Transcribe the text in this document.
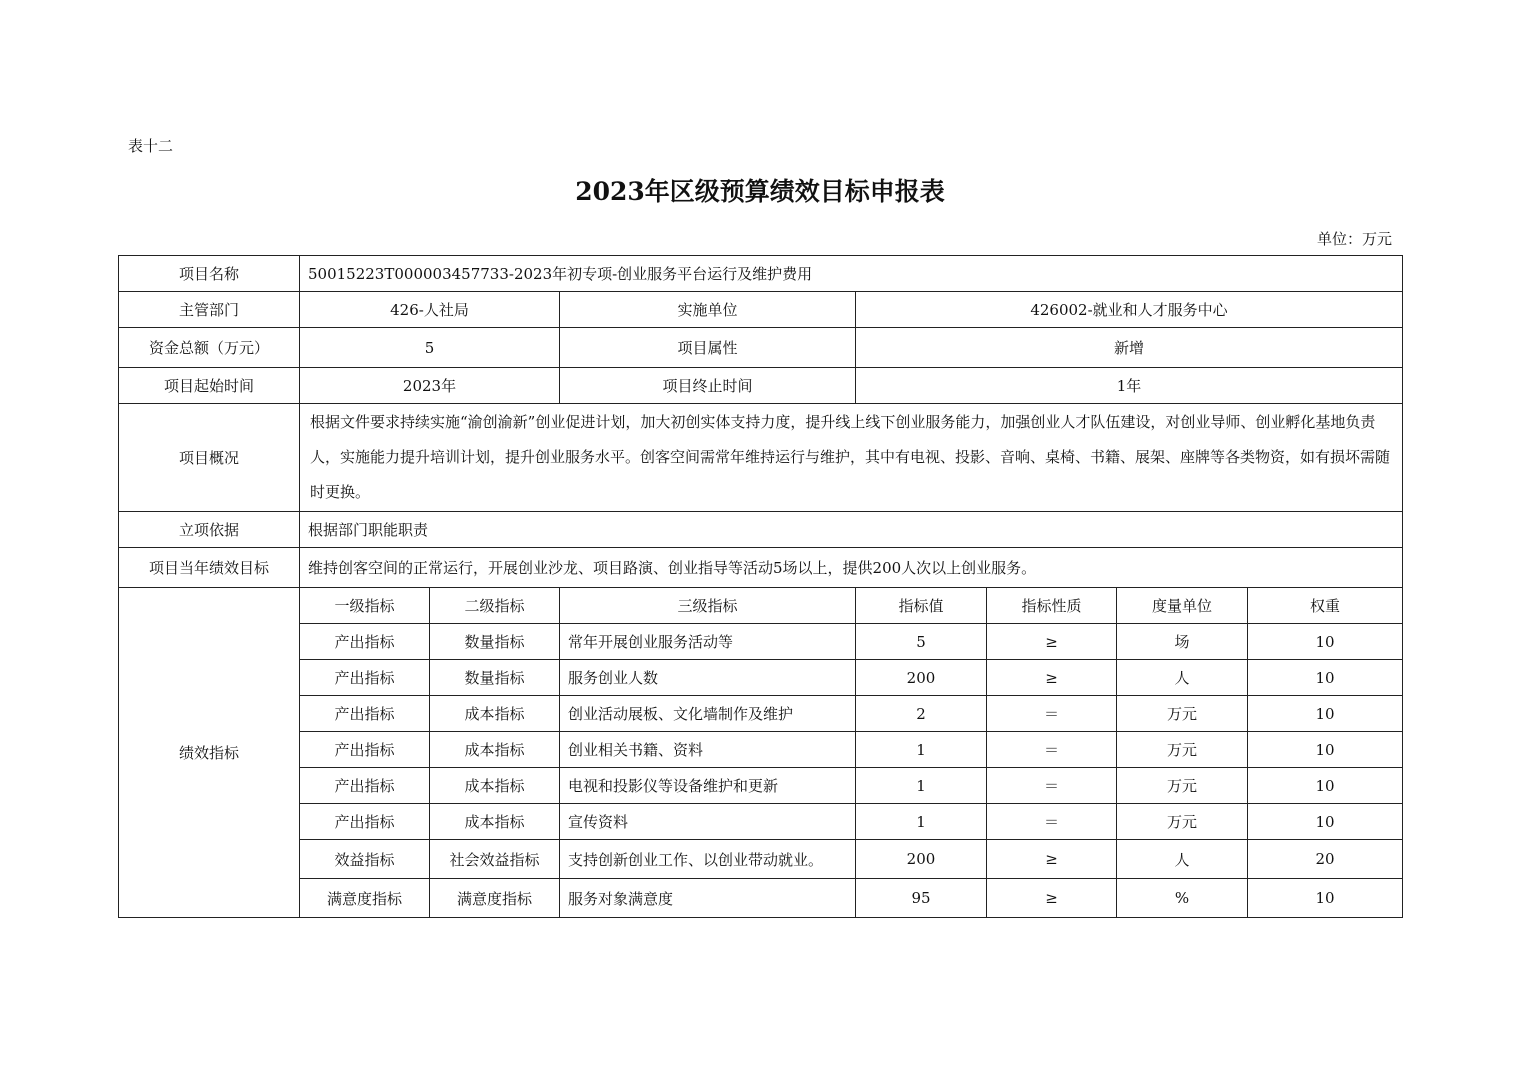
表十二
2023年区级预算绩效目标申报表
单位：万元
项目名称	50015223T000003457733-2023年初专项-创业服务平台运行及维护费用						
主管部门	426-人社局		实施单位	426002-就业和人才服务中心			
资金总额（万元）	5		项目属性	新增			
项目起始时间	2023年		项目终止时间	1年			
项目概况	根据文件要求持续实施“渝创渝新”创业促进计划，加大初创实体支持力度，提升线上线下创业服务能力，加强创业人才队伍建设，对创业导师、创业孵化基地负责人，实施能力提升培训计划，提升创业服务水平。创客空间需常年维持运行与维护，其中有电视、投影、音响、桌椅、书籍、展架、座牌等各类物资，如有损坏需随时更换。						
立项依据	根据部门职能职责						
项目当年绩效目标	维持创客空间的正常运行，开展创业沙龙、项目路演、创业指导等活动5场以上，提供200人次以上创业服务。						
绩效指标	一级指标	二级指标	三级指标	指标值	指标性质	度量单位	权重
	产出指标	数量指标	常年开展创业服务活动等	5	≥	场	10
	产出指标	数量指标	服务创业人数	200	≥	人	10
	产出指标	成本指标	创业活动展板、文化墙制作及维护	2	＝	万元	10
	产出指标	成本指标	创业相关书籍、资料	1	＝	万元	10
	产出指标	成本指标	电视和投影仪等设备维护和更新	1	＝	万元	10
	产出指标	成本指标	宣传资料	1	＝	万元	10
	效益指标	社会效益指标	支持创新创业工作、以创业带动就业。	200	≥	人	20
	满意度指标	满意度指标	服务对象满意度	95	≥	%	10
